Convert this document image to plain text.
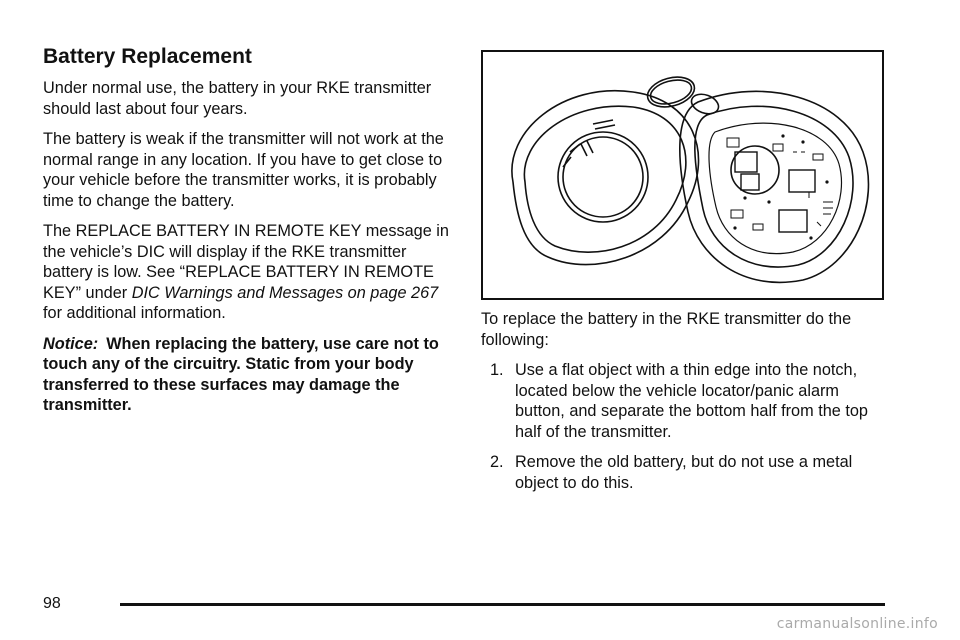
Battery Replacement

Under normal use, the battery in your RKE transmitter should last about four years.

The battery is weak if the transmitter will not work at the normal range in any location. If you have to get close to your vehicle before the transmitter works, it is probably time to change the battery.

The REPLACE BATTERY IN REMOTE KEY message in the vehicle’s DIC will display if the RKE transmitter battery is low. See “REPLACE BATTERY IN REMOTE KEY” under DIC Warnings and Messages on page 267 for additional information.

Notice: When replacing the battery, use care not to touch any of the circuitry. Static from your body transferred to these surfaces may damage the transmitter.

To replace the battery in the RKE transmitter do the following:

1. Use a flat object with a thin edge into the notch, located below the vehicle locator/panic alarm button, and separate the bottom half from the top half of the transmitter.
2. Remove the old battery, but do not use a metal object to do this.
98
carmanualsonline.info
